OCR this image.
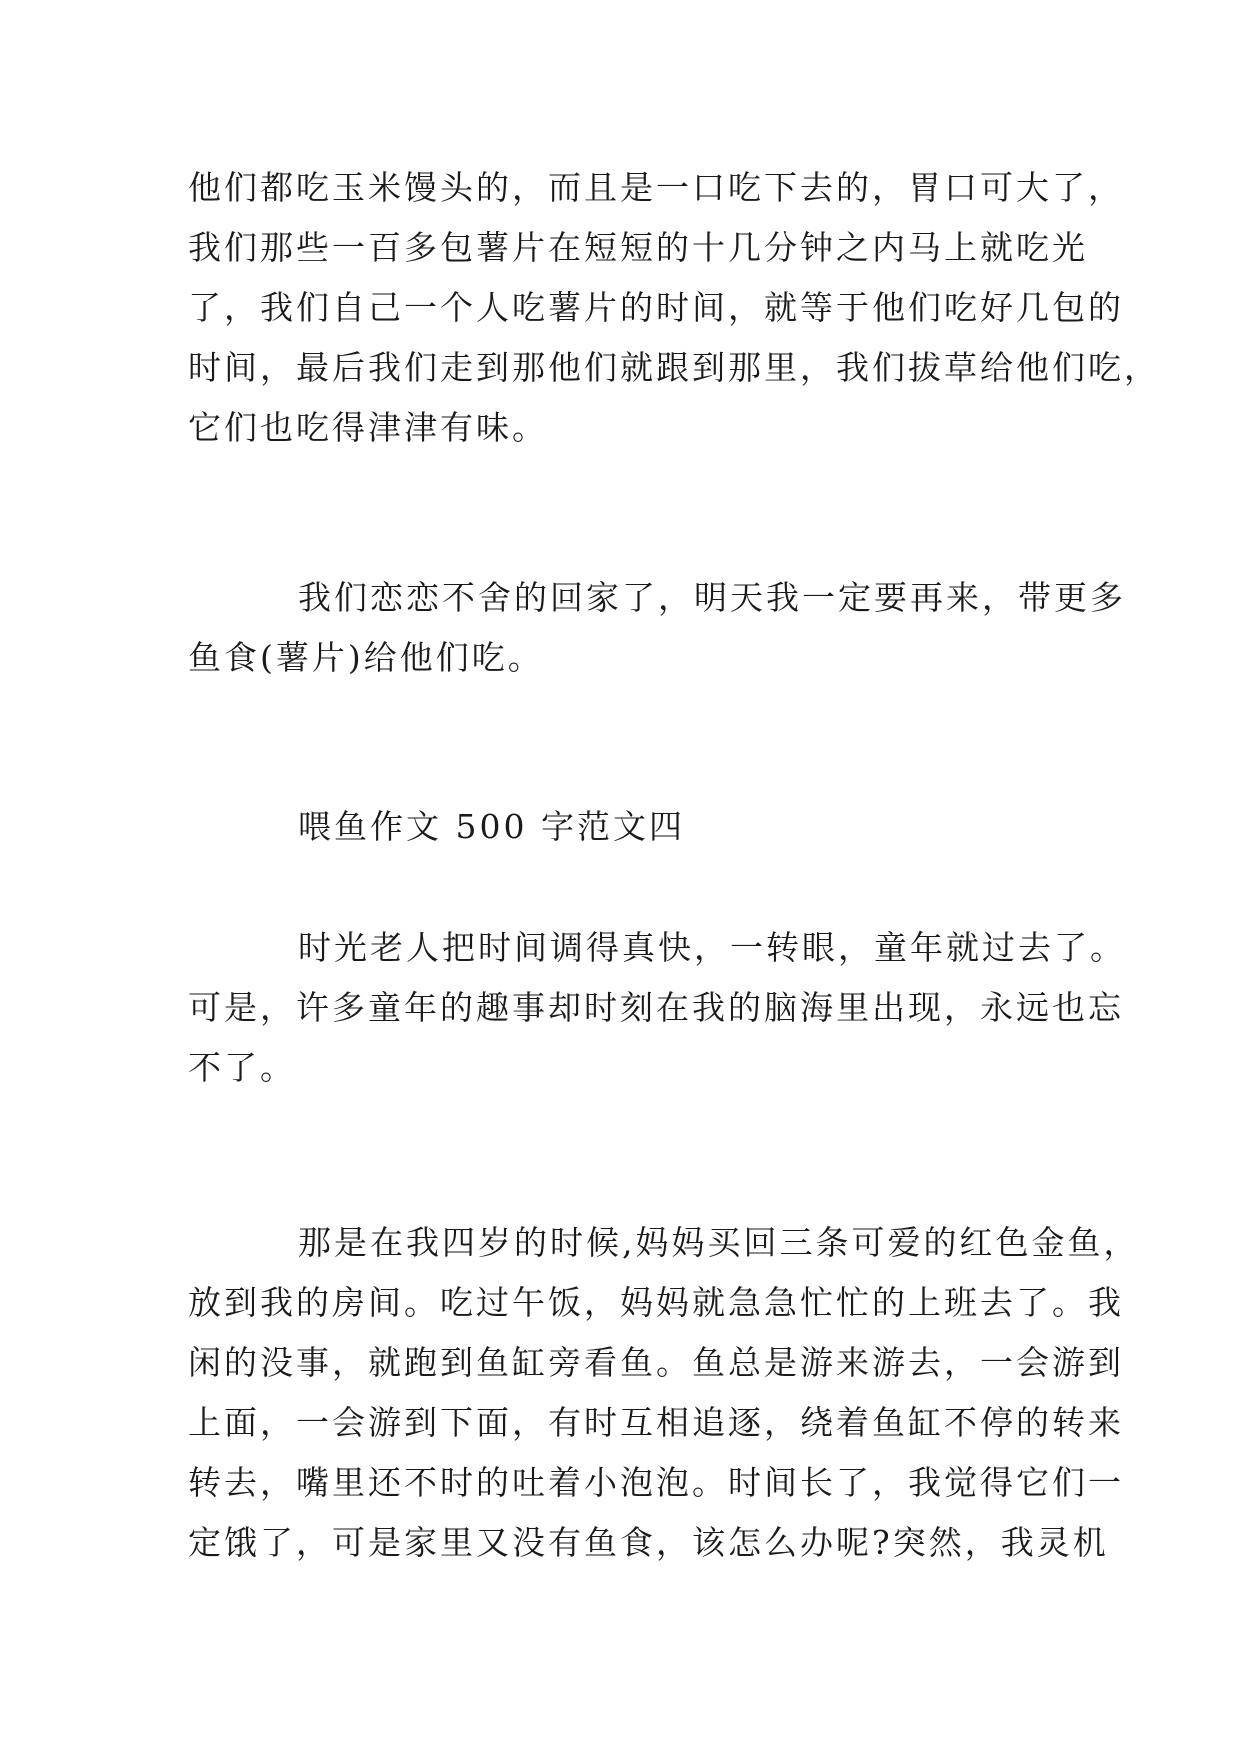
他们都吃玉米馒头的，而且是一口吃下去的，胃口可大了，
我们那些一百多包薯片在短短的十几分钟之内马上就吃光
了，我们自己一个人吃薯片的时间，就等于他们吃好几包的
时间，最后我们走到那他们就跟到那里，我们拔草给他们吃，
它们也吃得津津有味。
我们恋恋不舍的回家了，明天我一定要再来，带更多
鱼食(薯片)给他们吃。
喂鱼作文 500 字范文四
时光老人把时间调得真快，一转眼，童年就过去了。
可是，许多童年的趣事却时刻在我的脑海里出现，永远也忘
不了。
那是在我四岁的时候,妈妈买回三条可爱的红色金鱼，
放到我的房间。吃过午饭，妈妈就急急忙忙的上班去了。我
闲的没事，就跑到鱼缸旁看鱼。鱼总是游来游去，一会游到
上面，一会游到下面，有时互相追逐，绕着鱼缸不停的转来
转去，嘴里还不时的吐着小泡泡。时间长了，我觉得它们一
定饿了，可是家里又没有鱼食，该怎么办呢?突然，我灵机
